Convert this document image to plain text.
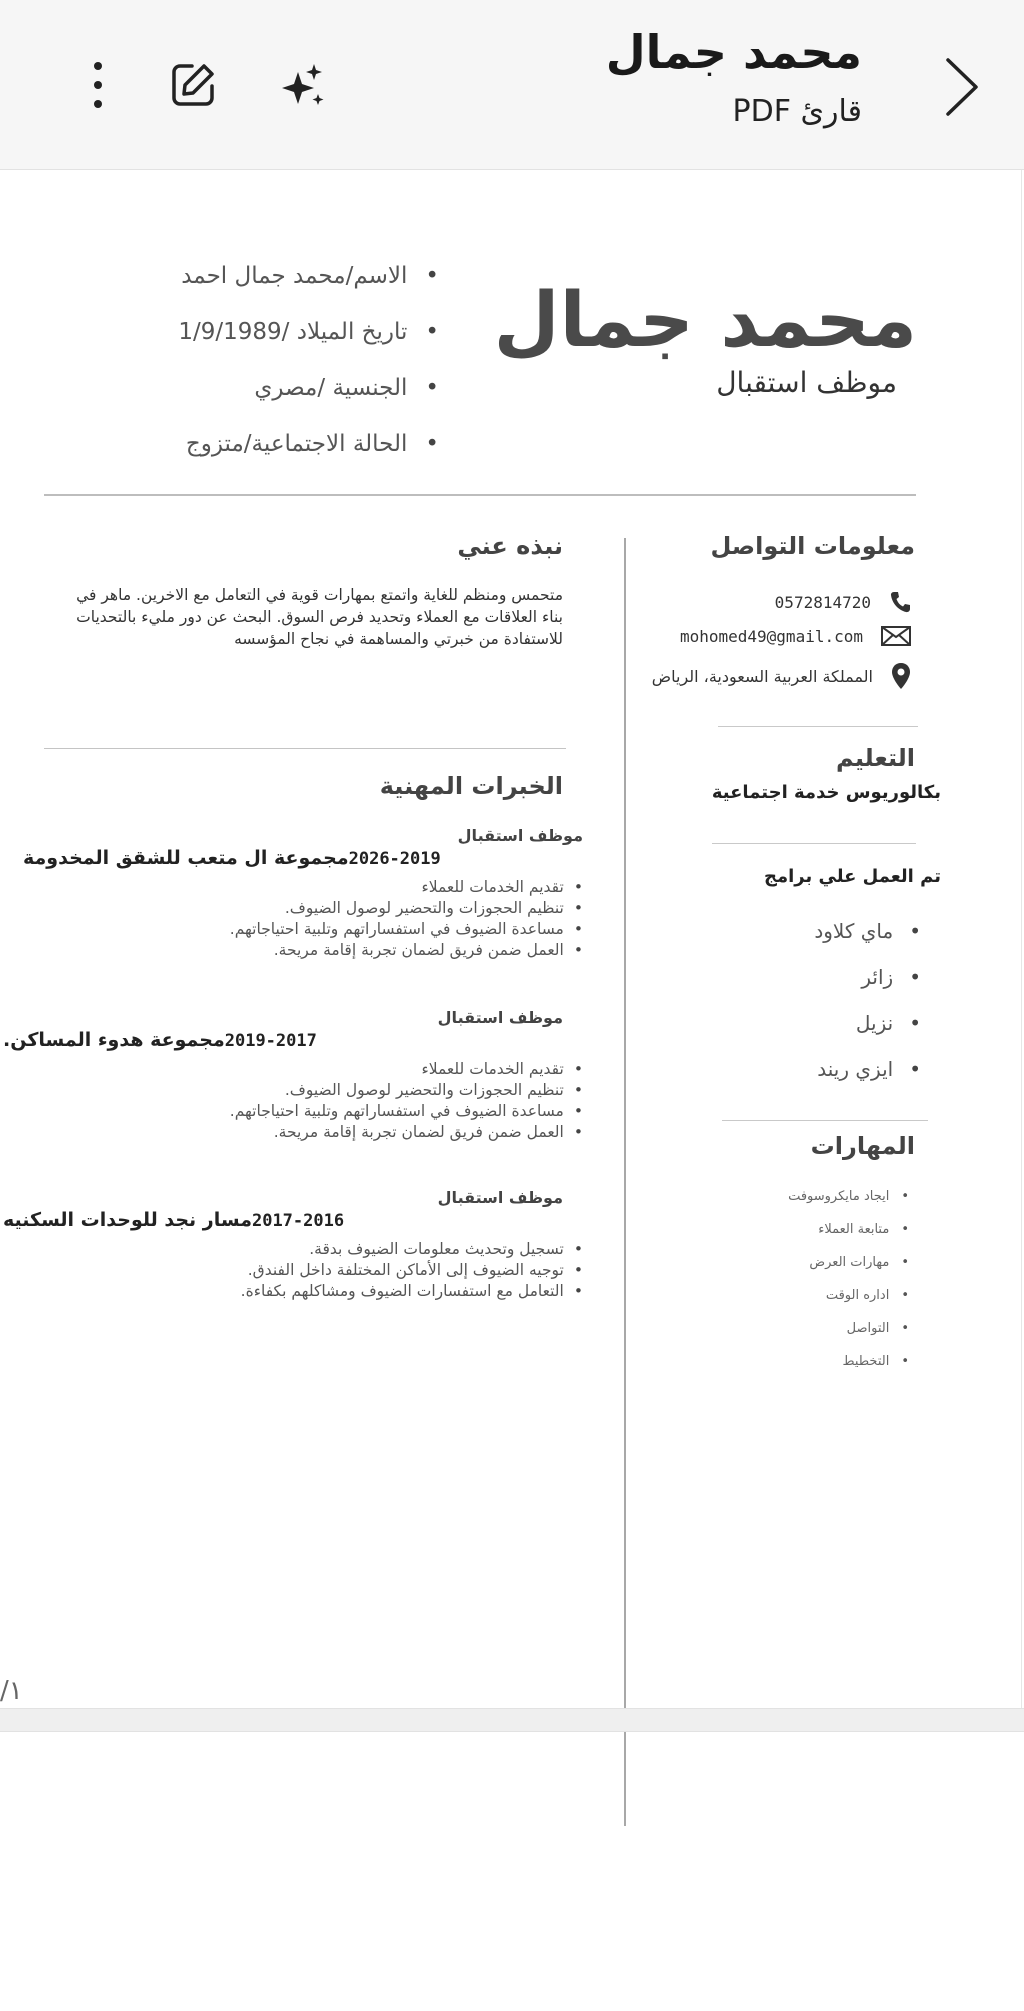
محمد جمال
قارئ PDF
محمد جمال
موظف استقبال
• الاسم/محمد جمال احمد
• تاريخ الميلاد /1/9/1989
• الجنسية /مصري
• الحالة الاجتماعية/متزوج
معلومات التواصل
0572814720
mohomed49@gmail.com
المملكة العربية السعودية، الرياض
التعليم
بكالوريوس خدمة اجتماعية
تم العمل علي برامج
• ماي كلاود
• زائر
• نزيل
• ايزي ريند
المهارات
• ايجاد مايكروسوفت
• متابعة العملاء
• مهارات العرض
• اداره الوقت
• التواصل
• التخطيط
نبذه عني
متحمس ومنظم للغاية واتمتع بمهارات قوية في التعامل مع الاخرين. ماهر في بناء العلاقات مع العملاء وتحديد فرص السوق. البحث عن دور مليء بالتحديات للاستفادة من خبرتي والمساهمة في نجاح المؤسسه
الخبرات المهنية
موظف استقبال
مجموعة ال متعب للشقق المخدومة 2026-2019
• تقديم الخدمات للعملاء
• تنظيم الحجوزات والتحضير لوصول الضيوف.
• مساعدة الضيوف في استفساراتهم وتلبية احتياجاتهم.
• العمل ضمن فريق لضمان تجربة إقامة مريحة.
موظف استقبال
مجموعة هدوء المساكن. 2019-2017
• تقديم الخدمات للعملاء
• تنظيم الحجوزات والتحضير لوصول الضيوف.
• مساعدة الضيوف في استفساراتهم وتلبية احتياجاتهم.
• العمل ضمن فريق لضمان تجربة إقامة مريحة.
موظف استقبال
مسار نجد للوحدات السكنيه 2017-2016
• تسجيل وتحديث معلومات الضيوف بدقة.
• توجيه الضيوف إلى الأماكن المختلفة داخل الفندق.
• التعامل مع استفسارات الضيوف ومشاكلهم بكفاءة.
/١
